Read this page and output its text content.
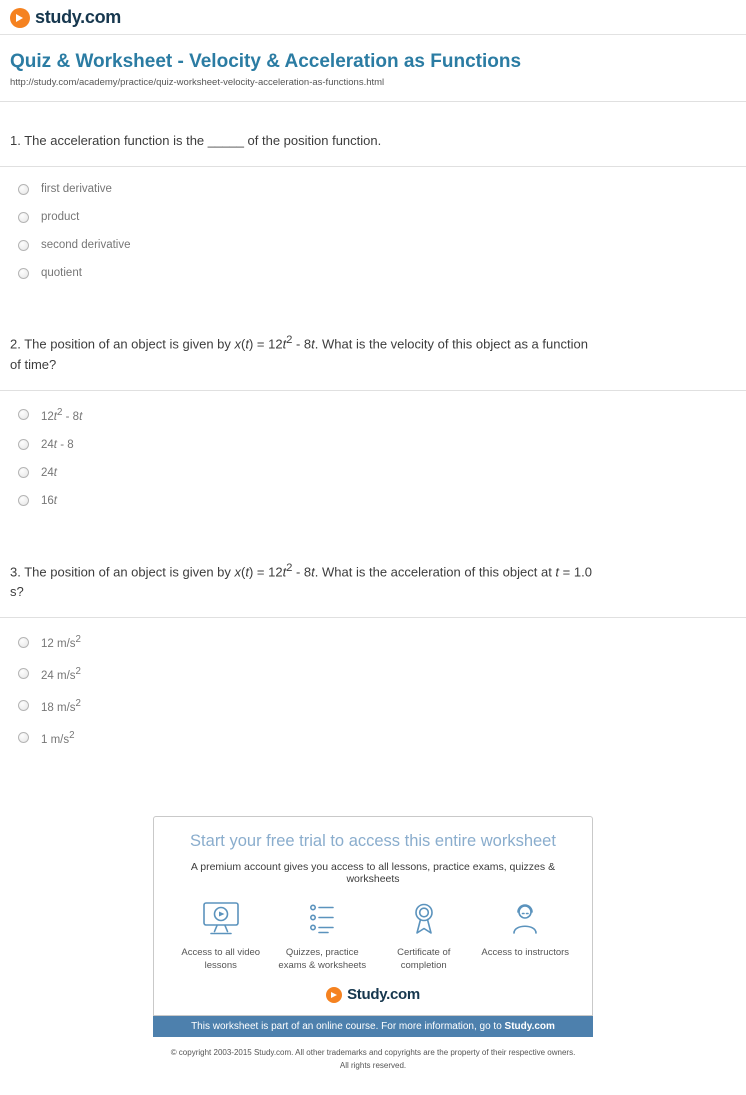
study.com
Quiz & Worksheet - Velocity & Acceleration as Functions

http://study.com/academy/practice/quiz-worksheet-velocity-acceleration-as-functions.html

1. The acceleration function is the _____ of the position function.

first derivative
product
second derivative
quotient

2. The position of an object is given by $x(t) = 12t^2 - 8t$. What is the velocity of this object as a function of time?

$12t^2 - 8t$
24t - 8
24t
16t

3. The position of an object is given by $x(t) = 12t^2 - 8t$. What is the acceleration of this object at t = 1.0 s?

12 $m/s^2$
24 $m/s^2$
18 $m/s^2$
1 $m/s^2$
Start your free trial to access this entire worksheet

A premium account gives you access to all lessons, practice exams, quizzes & worksheets

Access to all video lessons
Quizzes, practice exams & worksheets
Certificate of completion
Access to instructors
Study.com
This worksheet is part of an online course. For more information, go to Study.com

© copyright 2003-2015 Study.com. All other trademarks and copyrights are the property of their respective owners.
All rights reserved.
